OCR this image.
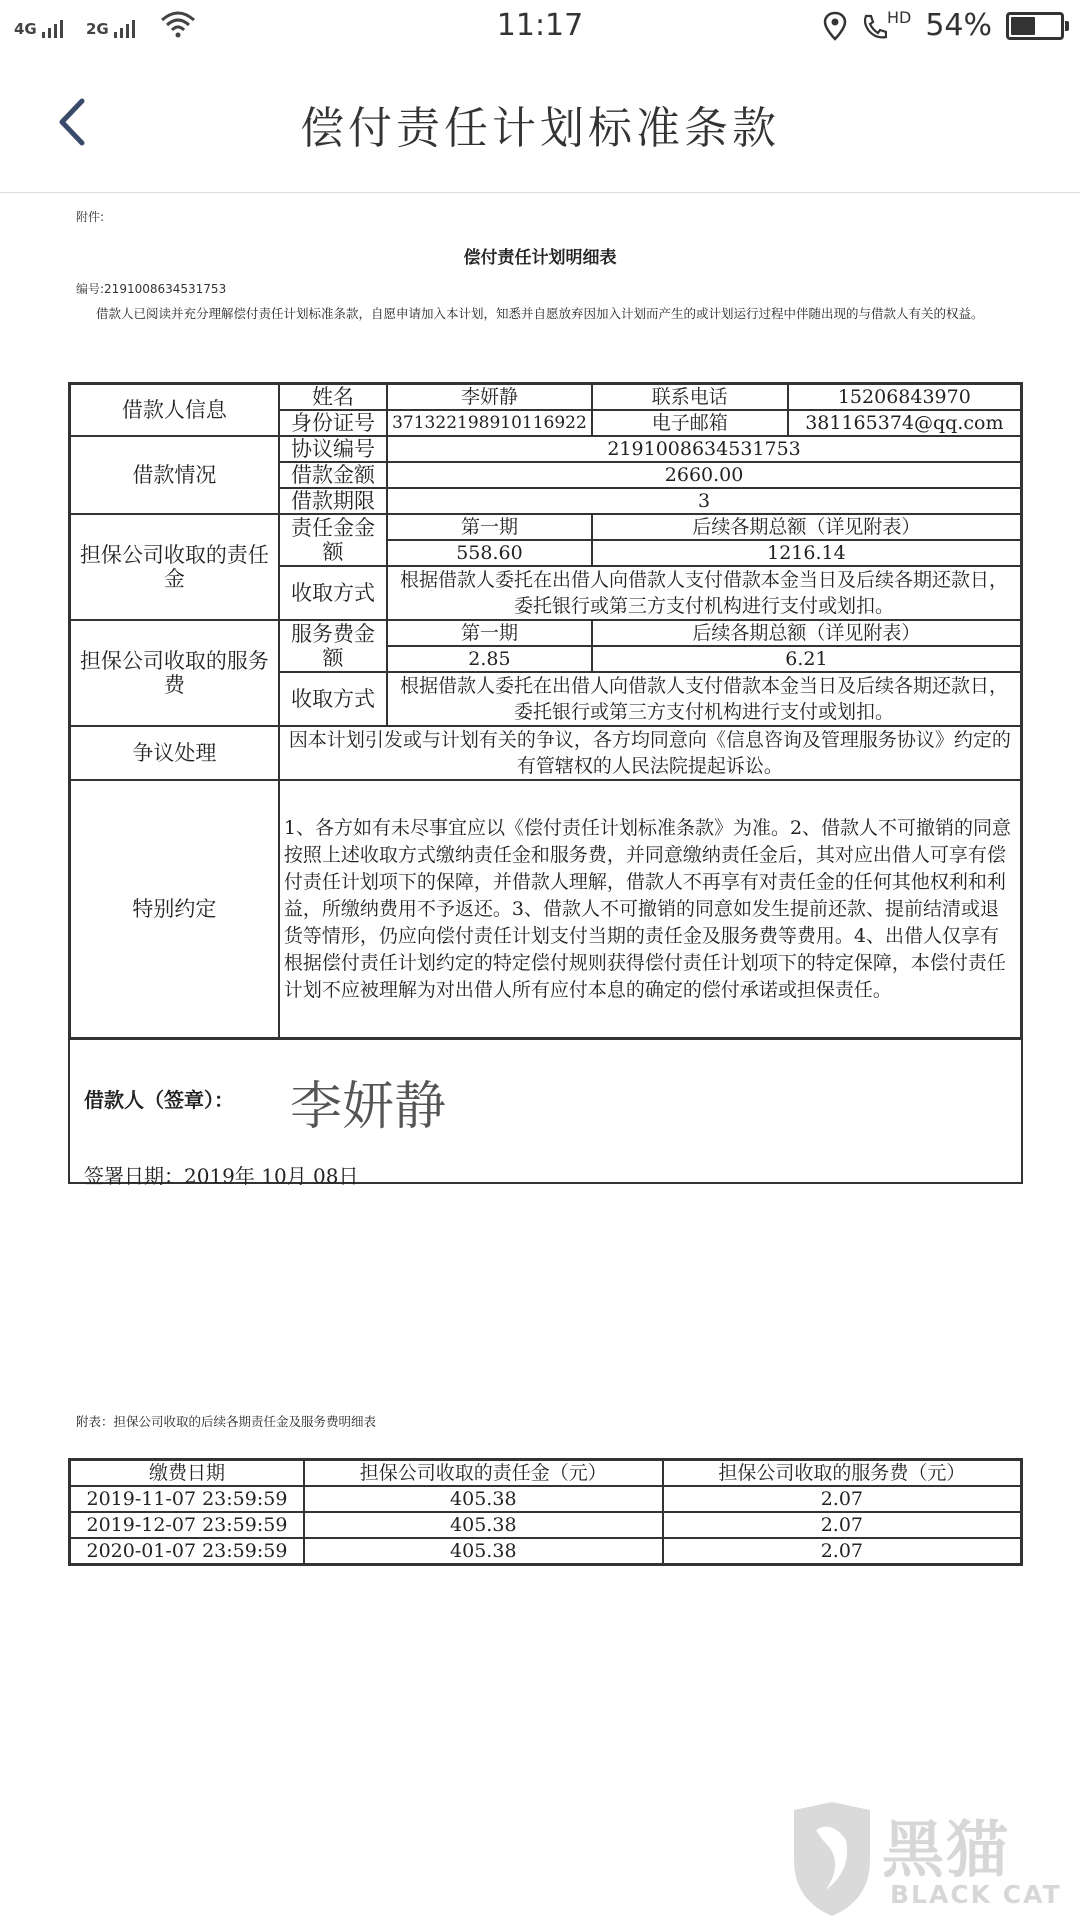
4G	2G	11:17	$^{HD}$ 54%
偿付责任计划标准条款
附件:
偿付责任计划明细表
编号:2191008634531753
借款人已阅读并充分理解偿付责任计划标准条款，自愿申请加入本计划，知悉并自愿放弃因加入计划而产生的或计划运行过程中伴随出现的与借款人有关的权益。
借款人信息	姓名	李妍静	联系电话	15206843970
	身份证号	371322198910116922	电子邮箱	381165374@qq.com
借款情况	协议编号	2191008634531753		
	借款金额	2660.00		
	借款期限	3		
担保公司收取的责任金	责任金金额	第一期	后续各期总额（详见附表）	
		558.60	1216.14	
	收取方式	根据借款人委托在出借人向借款人支付借款本金当日及后续各期还款日，委托银行或第三方支付机构进行支付或划扣。		
担保公司收取的服务费	服务费金额	第一期	后续各期总额（详见附表）	
		2.85	6.21	
	收取方式	根据借款人委托在出借人向借款人支付借款本金当日及后续各期还款日，委托银行或第三方支付机构进行支付或划扣。		
争议处理	因本计划引发或与计划有关的争议，各方均同意向《信息咨询及管理服务协议》约定的有管辖权的人民法院提起诉讼。			
特别约定	1、各方如有未尽事宜应以《偿付责任计划标准条款》为准。2、借款人不可撤销的同意按照上述收取方式缴纳责任金和服务费，并同意缴纳责任金后，其对应出借人可享有偿付责任计划项下的保障，并借款人理解，借款人不再享有对责任金的任何其他权利和利益，所缴纳费用不予返还。3、借款人不可撤销的同意如发生提前还款、提前结清或退货等情形，仍应向偿付责任计划支付当期的责任金及服务费等费用。4、出借人仅享有根据偿付责任计划约定的特定偿付规则获得偿付责任计划项下的特定保障，本偿付责任计划不应被理解为对出借人所有应付本息的确定的偿付承诺或担保责任。			
借款人（签章）： 李妍静
签署日期：2019年 10月 08日
附表：担保公司收取的后续各期责任金及服务费明细表
缴费日期	担保公司收取的责任金（元）	担保公司收取的服务费（元）
2019-11-07 23:59:59	405.38	2.07
2019-12-07 23:59:59	405.38	2.07
2020-01-07 23:59:59	405.38	2.07
黑猫
BLACK CAT
